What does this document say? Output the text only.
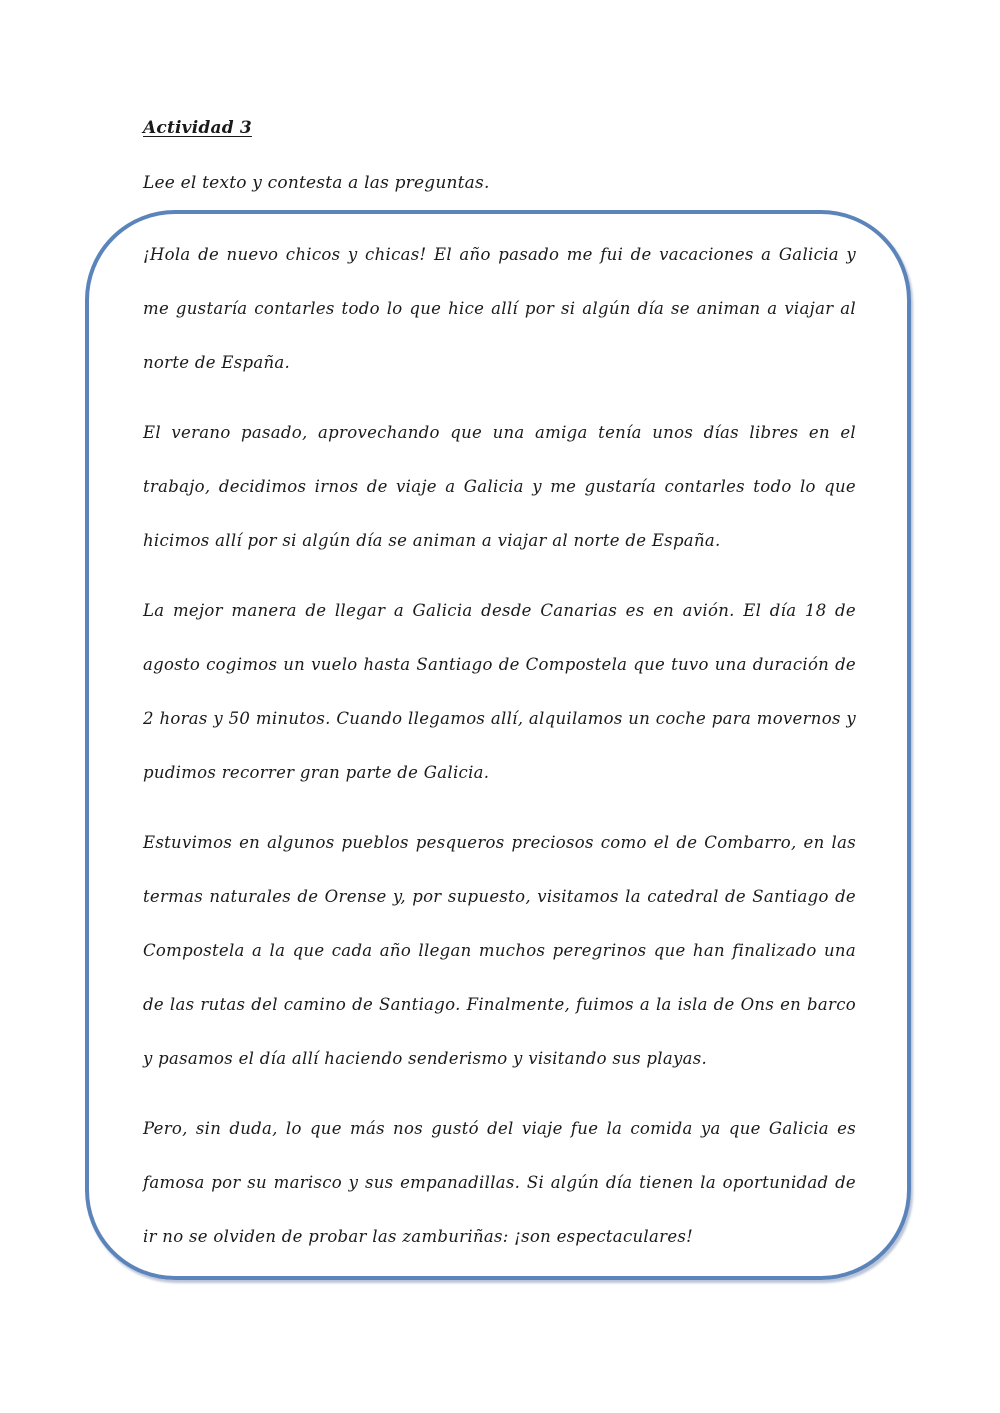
Actividad 3
Lee el texto y contesta a las preguntas.

¡Hola de nuevo chicos y chicas! El año pasado me fui de vacaciones a Galicia y me gustaría contarles todo lo que hice allí por si algún día se animan a viajar al norte de España.

El verano pasado, aprovechando que una amiga tenía unos días libres en el trabajo, decidimos irnos de viaje a Galicia y me gustaría contarles todo lo que hicimos allí por si algún día se animan a viajar al norte de España.

La mejor manera de llegar a Galicia desde Canarias es en avión. El día 18 de agosto cogimos un vuelo hasta Santiago de Compostela que tuvo una duración de 2 horas y 50 minutos. Cuando llegamos allí, alquilamos un coche para movernos y pudimos recorrer gran parte de Galicia.

Estuvimos en algunos pueblos pesqueros preciosos como el de Combarro, en las termas naturales de Orense y, por supuesto, visitamos la catedral de Santiago de Compostela a la que cada año llegan muchos peregrinos que han finalizado una de las rutas del camino de Santiago. Finalmente, fuimos a la isla de Ons en barco y pasamos el día allí haciendo senderismo y visitando sus playas.

Pero, sin duda, lo que más nos gustó del viaje fue la comida ya que Galicia es famosa por su marisco y sus empanadillas. Si algún día tienen la oportunidad de ir no se olviden de probar las zamburiñas: ¡son espectaculares!
